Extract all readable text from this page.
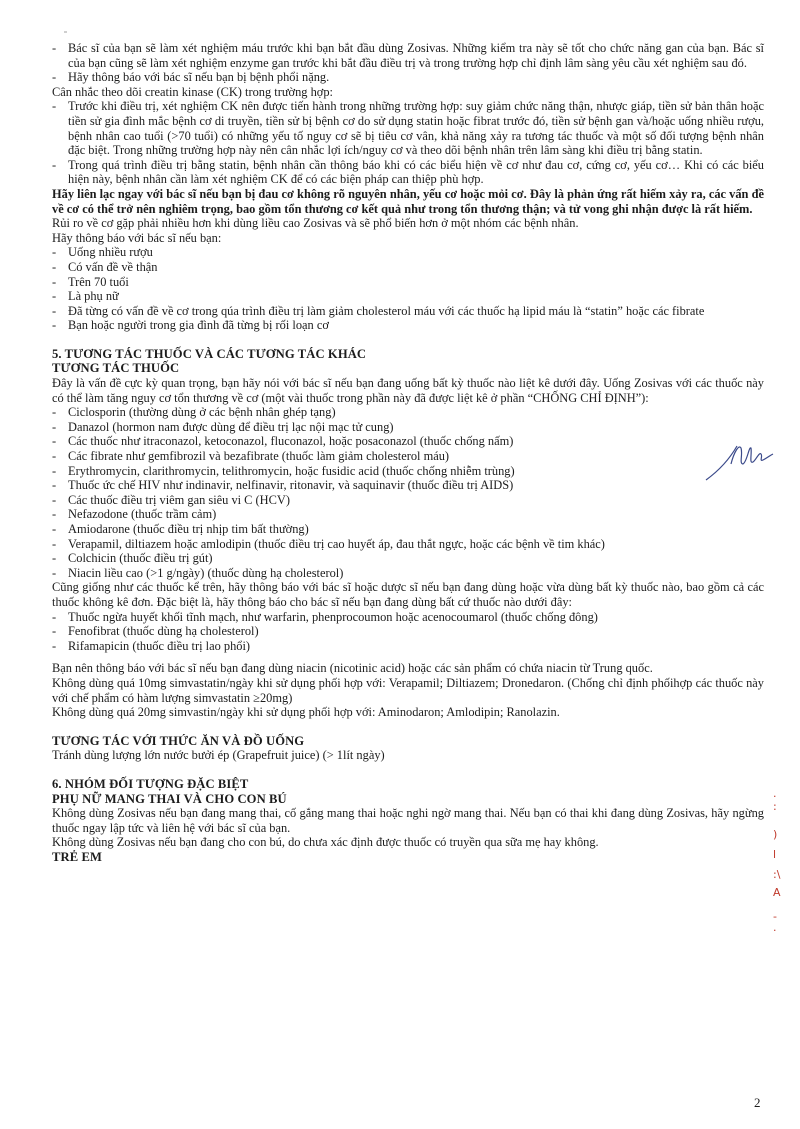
- Bác sĩ của bạn sẽ làm xét nghiệm máu trước khi bạn bắt đầu dùng Zosivas. Những kiểm tra này sẽ tốt cho chức năng gan của bạn. Bác sĩ của bạn cũng sẽ làm xét nghiệm enzyme gan trước khi bắt đầu điều trị và trong trường hợp chỉ định lâm sàng yêu cầu xét nghiệm sau đó.

- Hãy thông báo với bác sĩ nếu bạn bị bệnh phổi nặng.

Cân nhắc theo dõi creatin kinase (CK) trong trường hợp:

- Trước khi điều trị, xét nghiệm CK nên được tiến hành trong những trường hợp: suy giảm chức năng thận, nhược giáp, tiền sử bản thân hoặc tiền sử gia đình mắc bệnh cơ di truyền, tiền sử bị bệnh cơ do sử dụng statin hoặc fibrat trước đó, tiền sử bệnh gan và/hoặc uống nhiều rượu, bệnh nhân cao tuổi (>70 tuổi) có những yếu tố nguy cơ sẽ bị tiêu cơ vân, khả năng xảy ra tương tác thuốc và một số đối tượng bệnh nhân đặc biệt. Trong những trường hợp này nên cân nhắc lợi ích/nguy cơ và theo dõi bệnh nhân trên lâm sàng khi điều trị bằng statin.

- Trong quá trình điều trị bằng statin, bệnh nhân cần thông báo khi có các biểu hiện về cơ như đau cơ, cứng cơ, yếu cơ… Khi có các biểu hiện này, bệnh nhân cần làm xét nghiệm CK để có các biện pháp can thiệp phù hợp.

Hãy liên lạc ngay với bác sĩ nếu bạn bị đau cơ không rõ nguyên nhân, yếu cơ hoặc mỏi cơ. Đây là phản ứng rất hiếm xảy ra, các vấn đề về cơ có thể trở nên nghiêm trọng, bao gồm tổn thương cơ kết quả như trong tổn thương thận; và tử vong ghi nhận được là rất hiếm.

Rủi ro về cơ gặp phải nhiều hơn khi dùng liều cao Zosivas và sẽ phổ biến hơn ở một nhóm các bệnh nhân.

Hãy thông báo với bác sĩ nếu bạn:

- Uống nhiều rượu

- Có vấn đề về thận

- Trên 70 tuổi

- Là phụ nữ

- Đã từng có vấn đề về cơ trong qúa trình điều trị làm giảm cholesterol máu với các thuốc hạ lipid máu là “statin” hoặc các fibrate

- Bạn hoặc người trong gia đình đã từng bị rối loạn cơ

5. TƯƠNG TÁC THUỐC VÀ CÁC TƯƠNG TÁC KHÁC

TƯƠNG TÁC THUỐC

Đây là vấn đề cực kỳ quan trọng, bạn hãy nói với bác sĩ nếu bạn đang uống bất kỳ thuốc nào liệt kê dưới đây. Uống Zosivas với các thuốc này có thể làm tăng nguy cơ tổn thương về cơ (một vài thuốc trong phần này đã được liệt kê ở phần “CHỐNG CHỈ ĐỊNH”):

- Ciclosporin (thường dùng ở các bệnh nhân ghép tạng)

- Danazol (hormon nam được dùng để điều trị lạc nội mạc tử cung)

- Các thuốc như itraconazol, ketoconazol, fluconazol, hoặc posaconazol (thuốc chống nấm)

- Các fibrate như gemfibrozil và bezafibrate (thuốc làm giảm cholesterol máu)

- Erythromycin, clarithromycin, telithromycin, hoặc fusidic acid (thuốc chống nhiễm trùng)

- Thuốc ức chế HIV như indinavir, nelfinavir, ritonavir, và saquinavir (thuốc điều trị AIDS)

- Các thuốc điều trị viêm gan siêu vi C (HCV)

- Nefazodone (thuốc trầm cảm)

- Amiodarone (thuốc điều trị nhịp tim bất thường)

- Verapamil, diltiazem hoặc amlodipin (thuốc điều trị cao huyết áp, đau thắt ngực, hoặc các bệnh về tim khác)

- Colchicin (thuốc điều trị gút)

- Niacin liều cao (>1 g/ngày) (thuốc dùng hạ cholesterol)

Cũng giống như các thuốc kể trên, hãy thông báo với bác sĩ hoặc dược sĩ nếu bạn đang dùng hoặc vừa dùng bất kỳ thuốc nào, bao gồm cả các thuốc không kê đơn. Đặc biệt là, hãy thông báo cho bác sĩ nếu bạn đang dùng bất cứ thuốc nào dưới đây:

- Thuốc ngừa huyết khối tĩnh mạch, như warfarin, phenprocoumon hoặc acenocoumarol (thuốc chống đông)

- Fenofibrat (thuốc dùng hạ cholesterol)

- Rifamapicin (thuốc điều trị lao phổi)

Bạn nên thông báo với bác sĩ nếu bạn đang dùng niacin (nicotinic acid) hoặc các sản phẩm có chứa niacin từ Trung quốc.

Không dùng quá 10mg simvastatin/ngày khi sử dụng phối hợp với: Verapamil; Diltiazem; Dronedaron. (Chống chỉ định phốihợp các thuốc này với chế phẩm có hàm lượng simvastatin ≥20mg)

Không dùng quá 20mg simvastin/ngày khi sử dụng phối hợp với: Aminodaron; Amlodipin; Ranolazin.

TƯƠNG TÁC VỚI THỨC ĂN VÀ ĐỒ UỐNG

Tránh dùng lượng lớn nước bưởi ép (Grapefruit juice) (> 1lít ngày)

6. NHÓM ĐỐI TƯỢNG ĐẶC BIỆT

PHỤ NỮ MANG THAI VÀ CHO CON BÚ

Không dùng Zosivas nếu bạn đang mang thai, cố gắng mang thai hoặc nghi ngờ mang thai. Nếu bạn có thai khi đang dùng Zosivas, hãy ngừng thuốc ngay lập tức và liên hệ với bác sĩ của bạn.

Không dùng Zosivas nếu bạn đang cho con bú, do chưa xác định được thuốc có truyền qua sữa mẹ hay không.

TRẺ EM

2
·
:
)
l
:\
A
-
·
